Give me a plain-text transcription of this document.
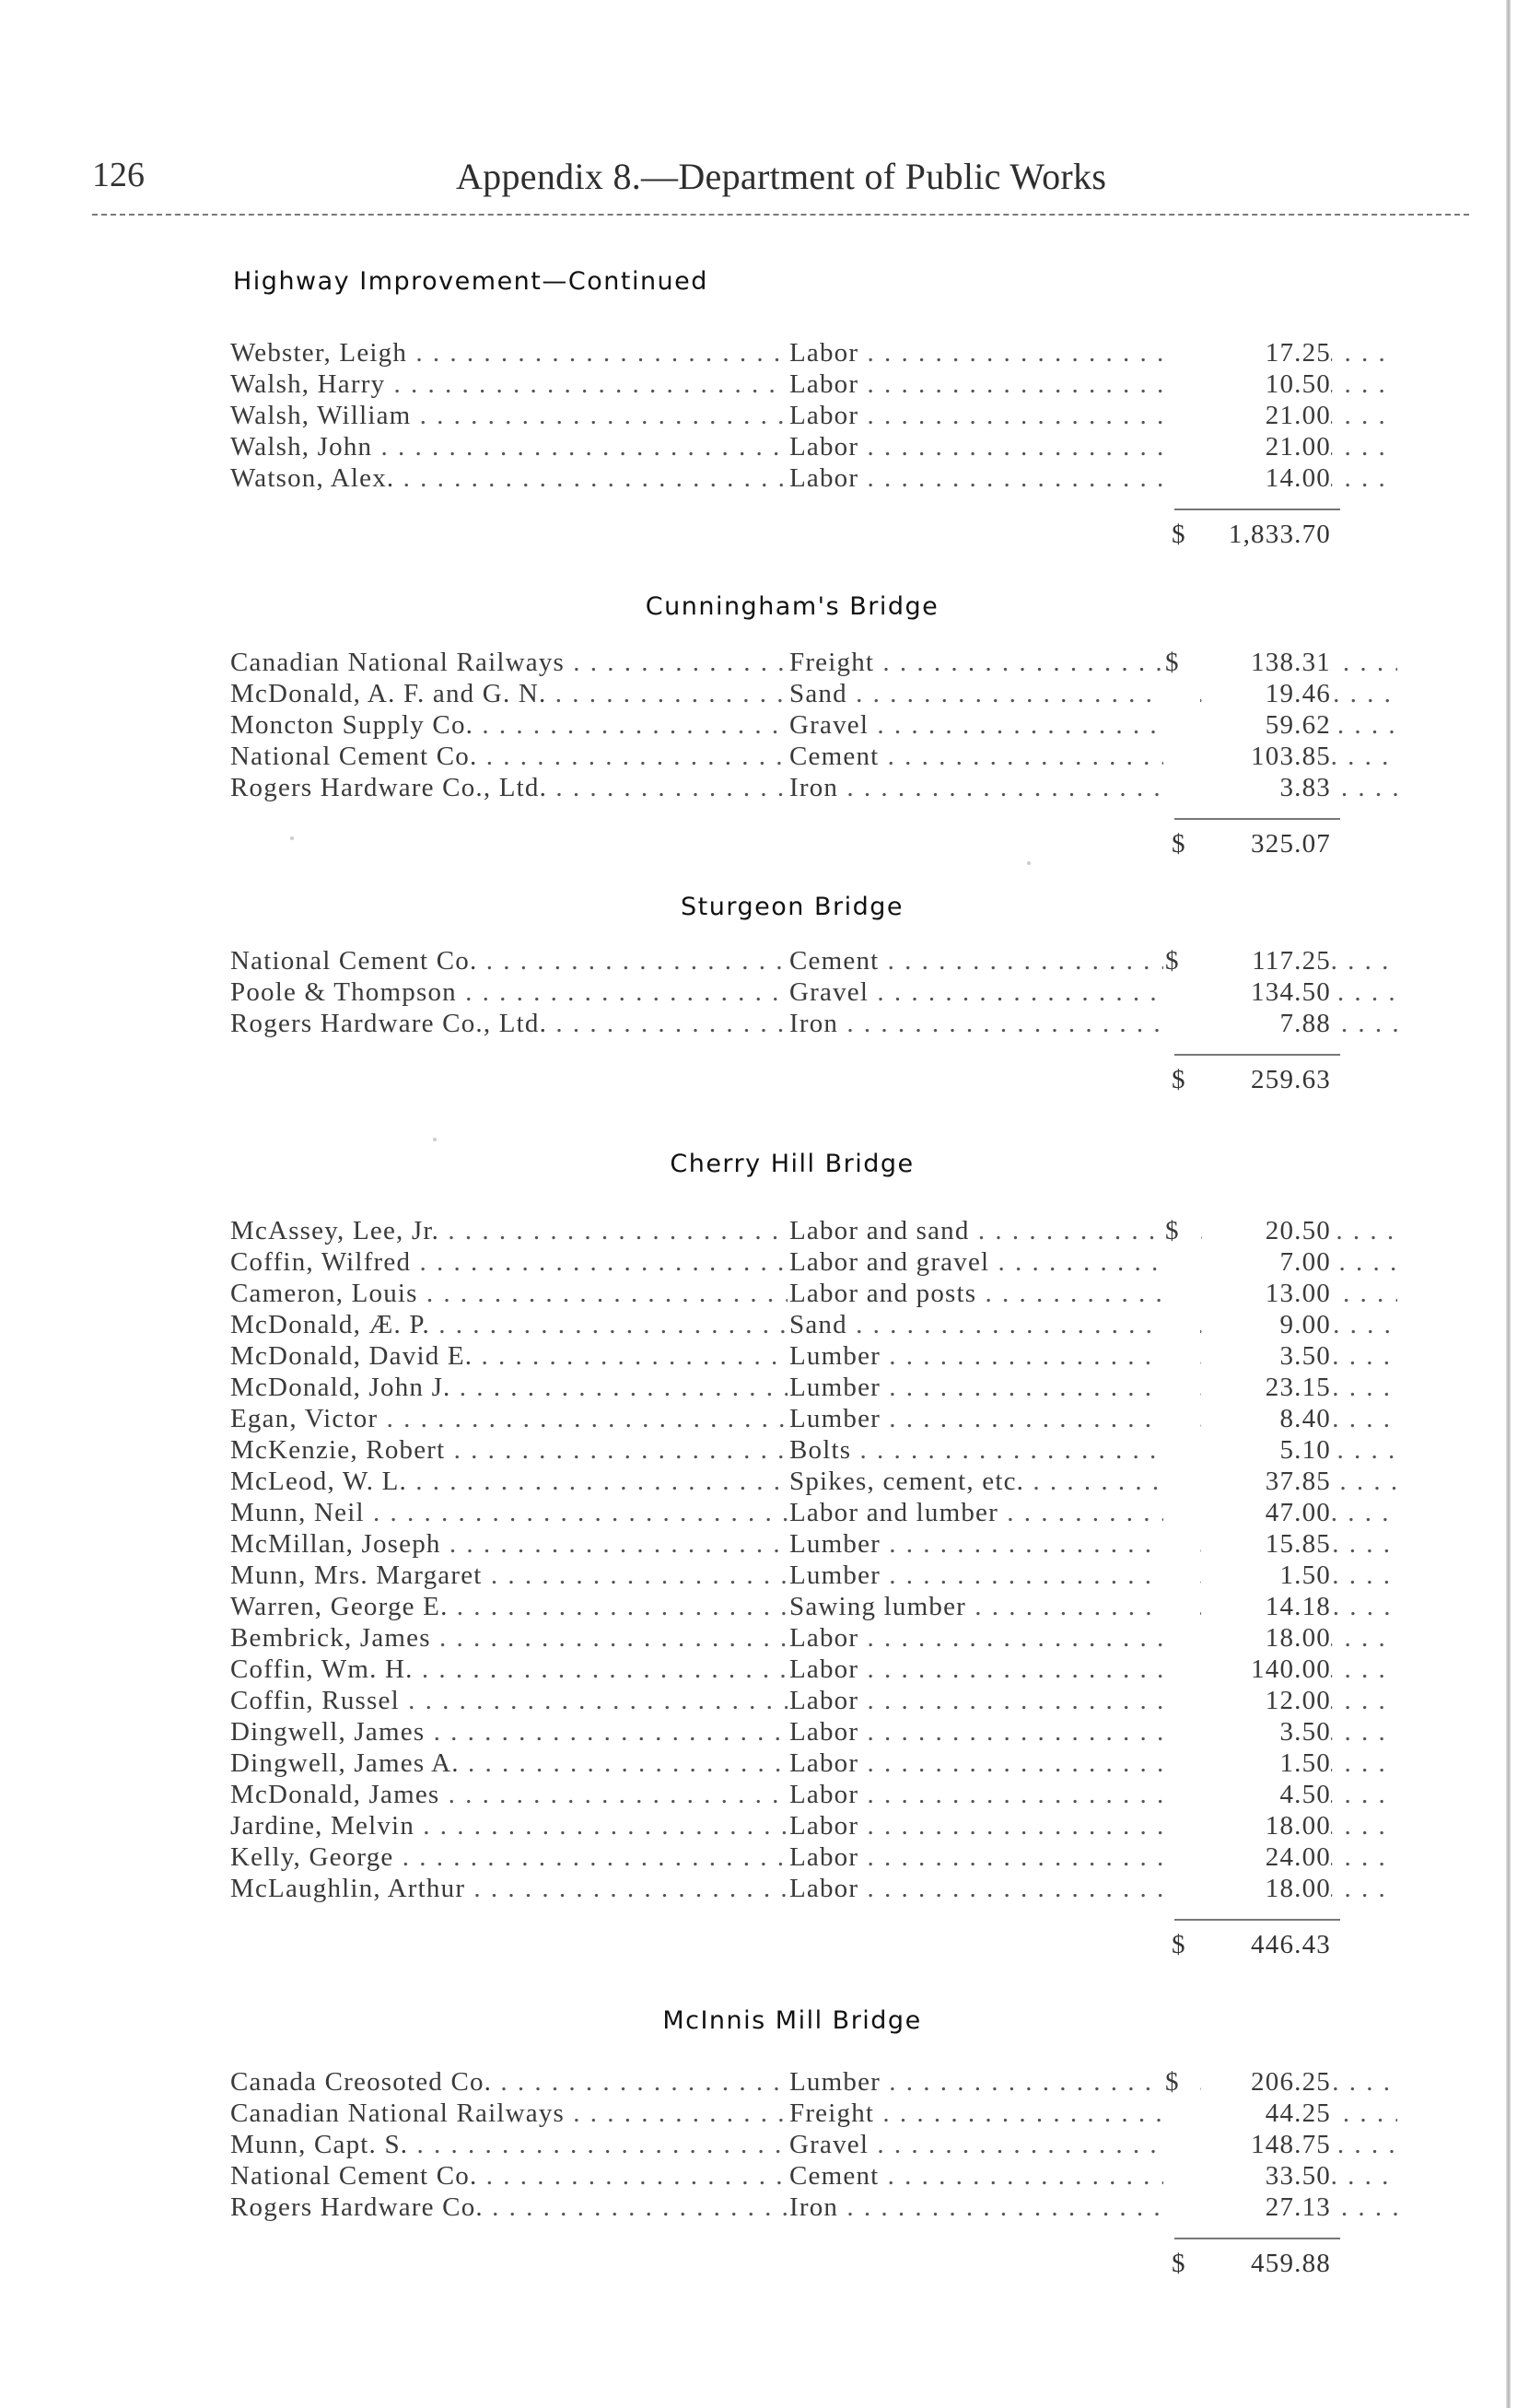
126	Appendix 8.—Department of Public Works
Highway Improvement—Continued
Webster, Leigh . . .	Labor . . .	17.25
Walsh, Harry . . .	Labor . . .	10.50
Walsh, William . . .	Labor . . .	21.00
Walsh, John . . .	Labor . . .	21.00
Watson, Alex. . . .	Labor . . .	14.00
$	1,833.70
Cunningham's Bridge
Canadian National Railways . . .	Freight . . .	$	138.31
McDonald, A. F. and G. N. . . .	Sand . . .	19.46
Moncton Supply Co. . . .	Gravel . . .	59.62
National Cement Co. . . .	Cement . . .	103.85
Rogers Hardware Co., Ltd. . . .	Iron . . .	3.83
$	325.07
Sturgeon Bridge
National Cement Co. . . .	Cement . . .	$	117.25
Poole & Thompson . . .	Gravel . . .	134.50
Rogers Hardware Co., Ltd. . . .	Iron . . .	7.88
$	259.63
Cherry Hill Bridge
McAssey, Lee, Jr. . . .	Labor and sand . . .	$	20.50
Coffin, Wilfred . . .	Labor and gravel . . .	7.00
Cameron, Louis . . .	Labor and posts . . .	13.00
McDonald, Æ. P. . . .	Sand . . .	9.00
McDonald, David E. . . .	Lumber . . .	3.50
McDonald, John J. . . .	Lumber . . .	23.15
Egan, Victor . . .	Lumber . . .	8.40
McKenzie, Robert . . .	Bolts . . .	5.10
McLeod, W. L. . . .	Spikes, cement, etc. . . .	37.85
Munn, Neil . . .	Labor and lumber . . .	47.00
McMillan, Joseph . . .	Lumber . . .	15.85
Munn, Mrs. Margaret . . .	Lumber . . .	1.50
Warren, George E. . . .	Sawing lumber . . .	14.18
Bembrick, James . . .	Labor . . .	18.00
Coffin, Wm. H. . . .	Labor . . .	140.00
Coffin, Russel . . .	Labor . . .	12.00
Dingwell, James . . .	Labor . . .	3.50
Dingwell, James A. . . .	Labor . . .	1.50
McDonald, James . . .	Labor . . .	4.50
Jardine, Melvin . . .	Labor . . .	18.00
Kelly, George . . .	Labor . . .	24.00
McLaughlin, Arthur . . .	Labor . . .	18.00
$	446.43
McInnis Mill Bridge
Canada Creosoted Co. . . .	Lumber . . .	$	206.25
Canadian National Railways . . .	Freight . . .	44.25
Munn, Capt. S. . . .	Gravel . . .	148.75
National Cement Co. . . .	Cement . . .	33.50
Rogers Hardware Co. . . .	Iron . . .	27.13
$	459.88
